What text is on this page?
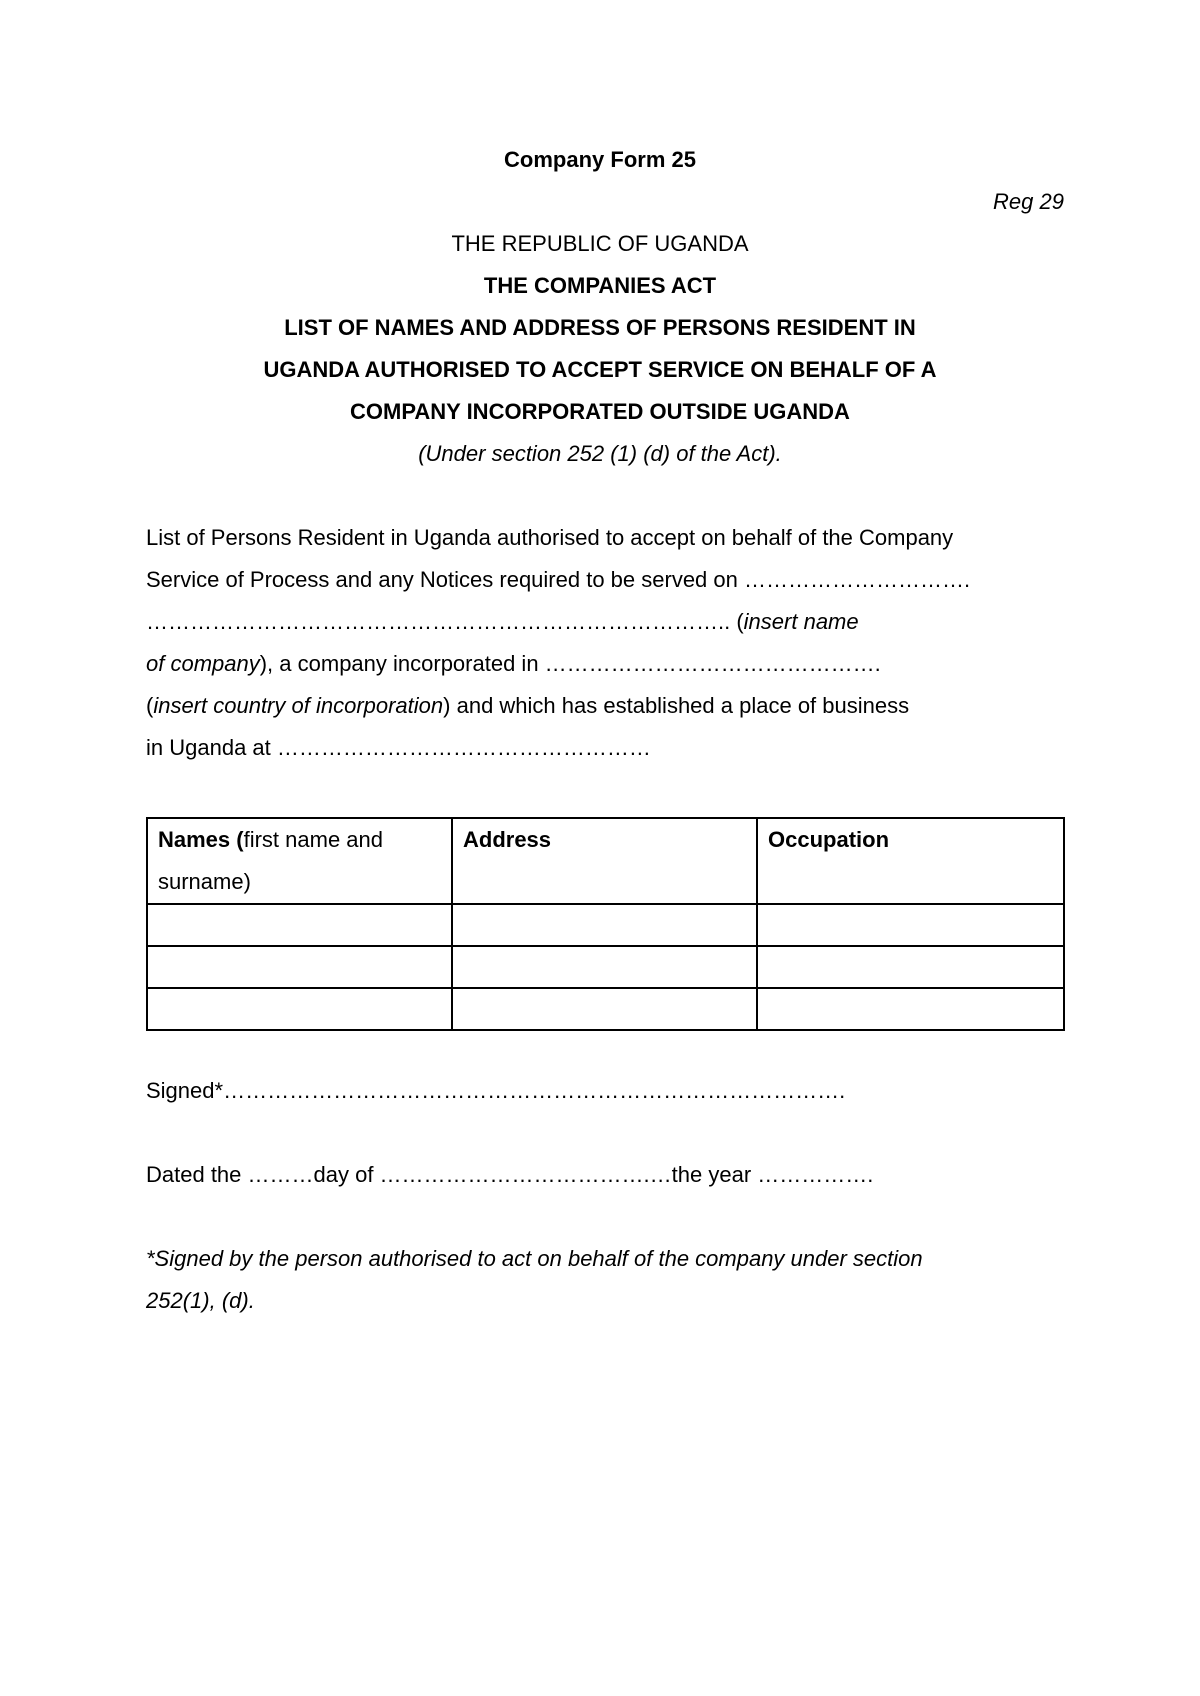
Company Form 25
Reg 29
THE REPUBLIC OF UGANDA
THE COMPANIES ACT
LIST OF NAMES AND ADDRESS OF PERSONS RESIDENT IN
UGANDA AUTHORISED TO ACCEPT SERVICE ON BEHALF OF A
COMPANY INCORPORATED OUTSIDE UGANDA
(Under section 252 (1) (d) of the Act).
List of Persons Resident in Uganda authorised to accept on behalf of the Company
Service of Process and any Notices required to be served on ………………………….
…………………………………………………………………….. (insert name
of company), a company incorporated in ……………………………………….
(insert country of incorporation) and which has established a place of business
in Uganda at ……………………………………………
Names (first name and
surname)	Address	Occupation

Signed*………………………………………………………………………….
Dated the ………day of ……………………………….…the year …………….
*Signed by the person authorised to act on behalf of the company under section
252(1), (d).
